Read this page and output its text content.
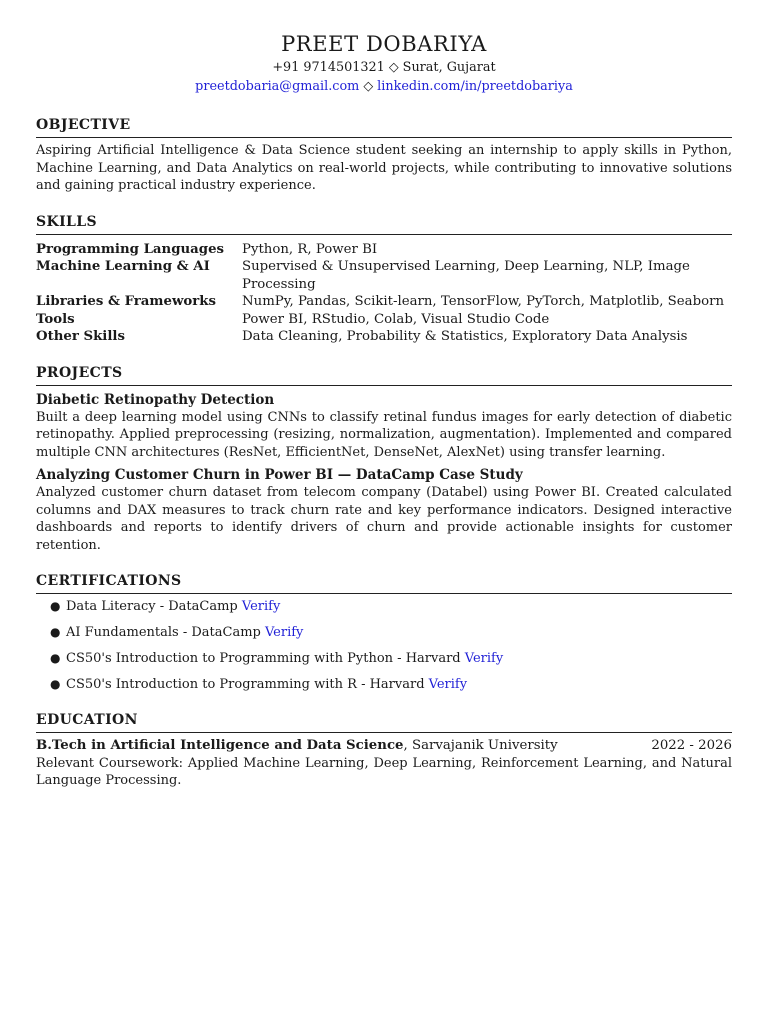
PREET DOBARIYA
+91 9714501321 ◇ Surat, Gujarat
preetdobaria@gmail.com ◇ linkedin.com/in/preetdobariya
OBJECTIVE
Aspiring Artificial Intelligence & Data Science student seeking an internship to apply skills in Python, Machine Learning, and Data Analytics on real-world projects, while contributing to innovative solutions and gaining practical industry experience.
SKILLS
Programming Languages	Python, R, Power BI
Machine Learning & AI	Supervised & Unsupervised Learning, Deep Learning, NLP, Image Processing
Libraries & Frameworks	NumPy, Pandas, Scikit-learn, TensorFlow, PyTorch, Matplotlib, Seaborn
Tools	Power BI, RStudio, Colab, Visual Studio Code
Other Skills	Data Cleaning, Probability & Statistics, Exploratory Data Analysis
PROJECTS
Diabetic Retinopathy Detection
Built a deep learning model using CNNs to classify retinal fundus images for early detection of diabetic retinopathy. Applied preprocessing (resizing, normalization, augmentation). Implemented and compared multiple CNN architectures (ResNet, EfficientNet, DenseNet, AlexNet) using transfer learning.
Analyzing Customer Churn in Power BI — DataCamp Case Study
Analyzed customer churn dataset from telecom company (Databel) using Power BI. Created calculated columns and DAX measures to track churn rate and key performance indicators. Designed interactive dashboards and reports to identify drivers of churn and provide actionable insights for customer retention.
CERTIFICATIONS
● Data Literacy - DataCamp Verify
● AI Fundamentals - DataCamp Verify
● CS50's Introduction to Programming with Python - Harvard Verify
● CS50's Introduction to Programming with R - Harvard Verify
EDUCATION
B.Tech in Artificial Intelligence and Data Science, Sarvajanik University	2022 - 2026
Relevant Coursework: Applied Machine Learning, Deep Learning, Reinforcement Learning, and Natural Language Processing.
